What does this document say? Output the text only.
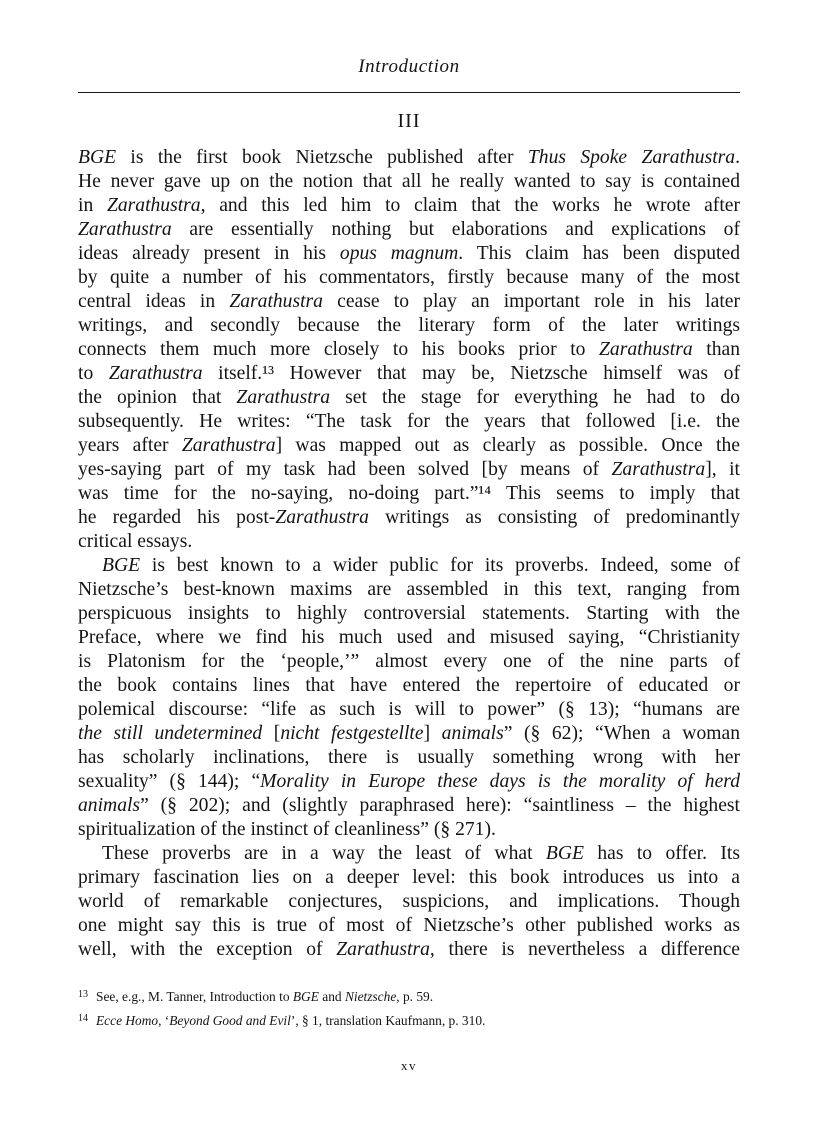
Introduction
III
BGE is the first book Nietzsche published after Thus Spoke Zarathustra.
He never gave up on the notion that all he really wanted to say is contained
in Zarathustra, and this led him to claim that the works he wrote after
Zarathustra are essentially nothing but elaborations and explications of
ideas already present in his opus magnum. This claim has been disputed
by quite a number of his commentators, firstly because many of the most
central ideas in Zarathustra cease to play an important role in his later
writings, and secondly because the literary form of the later writings
connects them much more closely to his books prior to Zarathustra than
to Zarathustra itself.¹³ However that may be, Nietzsche himself was of
the opinion that Zarathustra set the stage for everything he had to do
subsequently. He writes: “The task for the years that followed [i.e. the
years after Zarathustra] was mapped out as clearly as possible. Once the
yes-saying part of my task had been solved [by means of Zarathustra], it
was time for the no-saying, no-doing part.”¹⁴ This seems to imply that
he regarded his post-Zarathustra writings as consisting of predominantly
critical essays.
BGE is best known to a wider public for its proverbs. Indeed, some of
Nietzsche’s best-known maxims are assembled in this text, ranging from
perspicuous insights to highly controversial statements. Starting with the
Preface, where we find his much used and misused saying, “Christianity
is Platonism for the ‘people,’” almost every one of the nine parts of
the book contains lines that have entered the repertoire of educated or
polemical discourse: “life as such is will to power” (§ 13); “humans are
the still undetermined [nicht festgestellte] animals” (§ 62); “When a woman
has scholarly inclinations, there is usually something wrong with her
sexuality” (§ 144); “Morality in Europe these days is the morality of herd
animals” (§ 202); and (slightly paraphrased here): “saintliness – the highest
spiritualization of the instinct of cleanliness” (§ 271).
These proverbs are in a way the least of what BGE has to offer. Its
primary fascination lies on a deeper level: this book introduces us into a
world of remarkable conjectures, suspicions, and implications. Though
one might say this is true of most of Nietzsche’s other published works as
well, with the exception of Zarathustra, there is nevertheless a difference
$^{13}$ See, e.g., M. Tanner, Introduction to BGE and Nietzsche, p. 59.
$^{14}$ Ecce Homo, ‘Beyond Good and Evil’, § 1, translation Kaufmann, p. 310.
xv
